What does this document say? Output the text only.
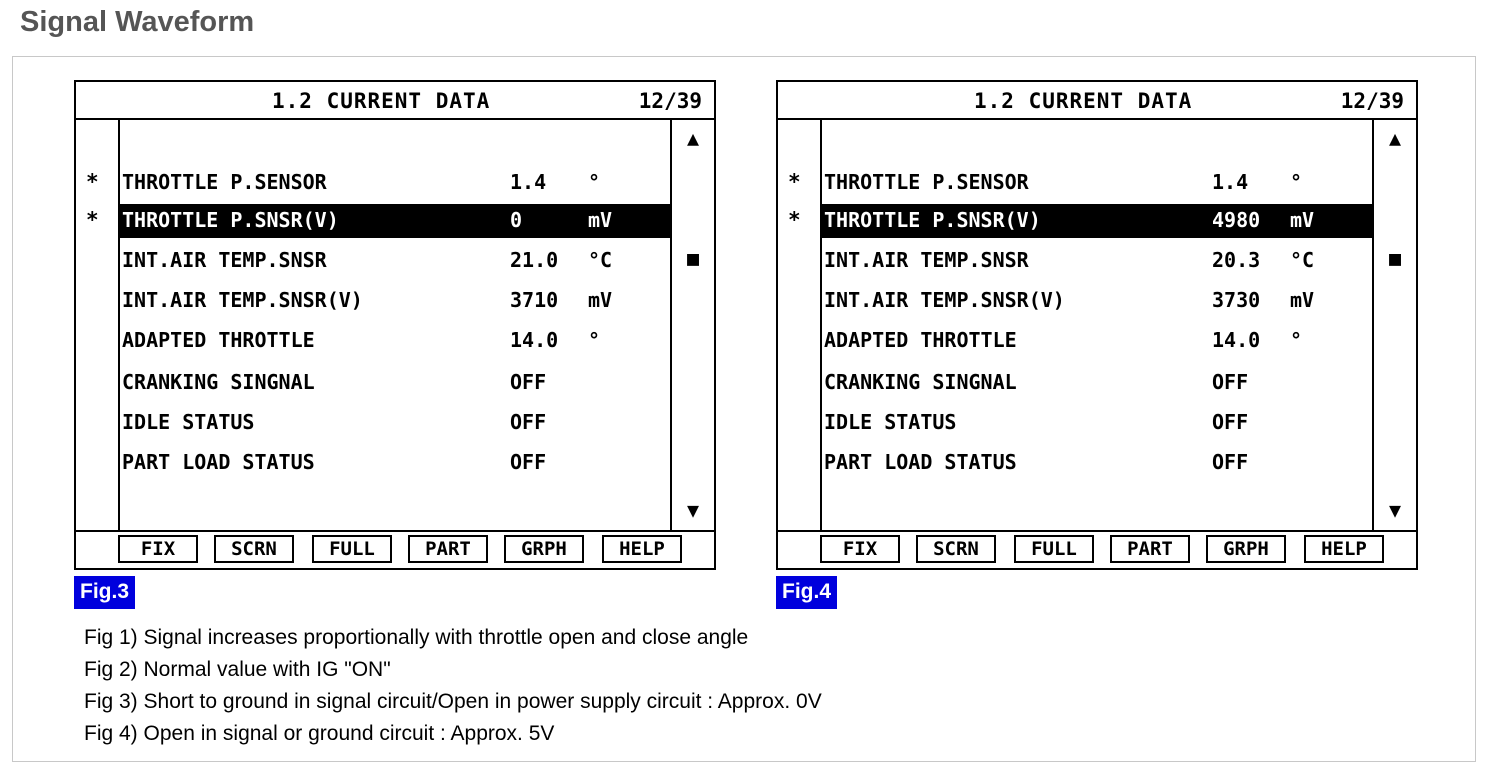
Signal Waveform
1.2 CURRENT DATA	12/39
* THROTTLE P.SENSOR	1.4 °
* THROTTLE P.SNSR(V)	0	mV
INT.AIR TEMP.SNSR	21.0 °C
INT.AIR TEMP.SNSR(V)	3710 mV
ADAPTED THROTTLE	14.0 °
CRANKING SINGNAL	OFF
IDLE STATUS	OFF
PART LOAD STATUS	OFF
▲
■
▼
FIX	SCRN	FULL	PART	GRPH	HELP
Fig.3
1.2 CURRENT DATA	12/39
* THROTTLE P.SENSOR	1.4 °
* THROTTLE P.SNSR(V)	4980 mV
INT.AIR TEMP.SNSR	20.3 °C
INT.AIR TEMP.SNSR(V)	3730 mV
ADAPTED THROTTLE	14.0 °
CRANKING SINGNAL	OFF
IDLE STATUS	OFF
PART LOAD STATUS	OFF
▲
■
▼
FIX	SCRN	FULL	PART	GRPH	HELP
Fig.4
Fig 1) Signal increases proportionally with throttle open and close angle
Fig 2) Normal value with IG "ON"
Fig 3) Short to ground in signal circuit/Open in power supply circuit : Approx. 0V
Fig 4) Open in signal or ground circuit : Approx. 5V
